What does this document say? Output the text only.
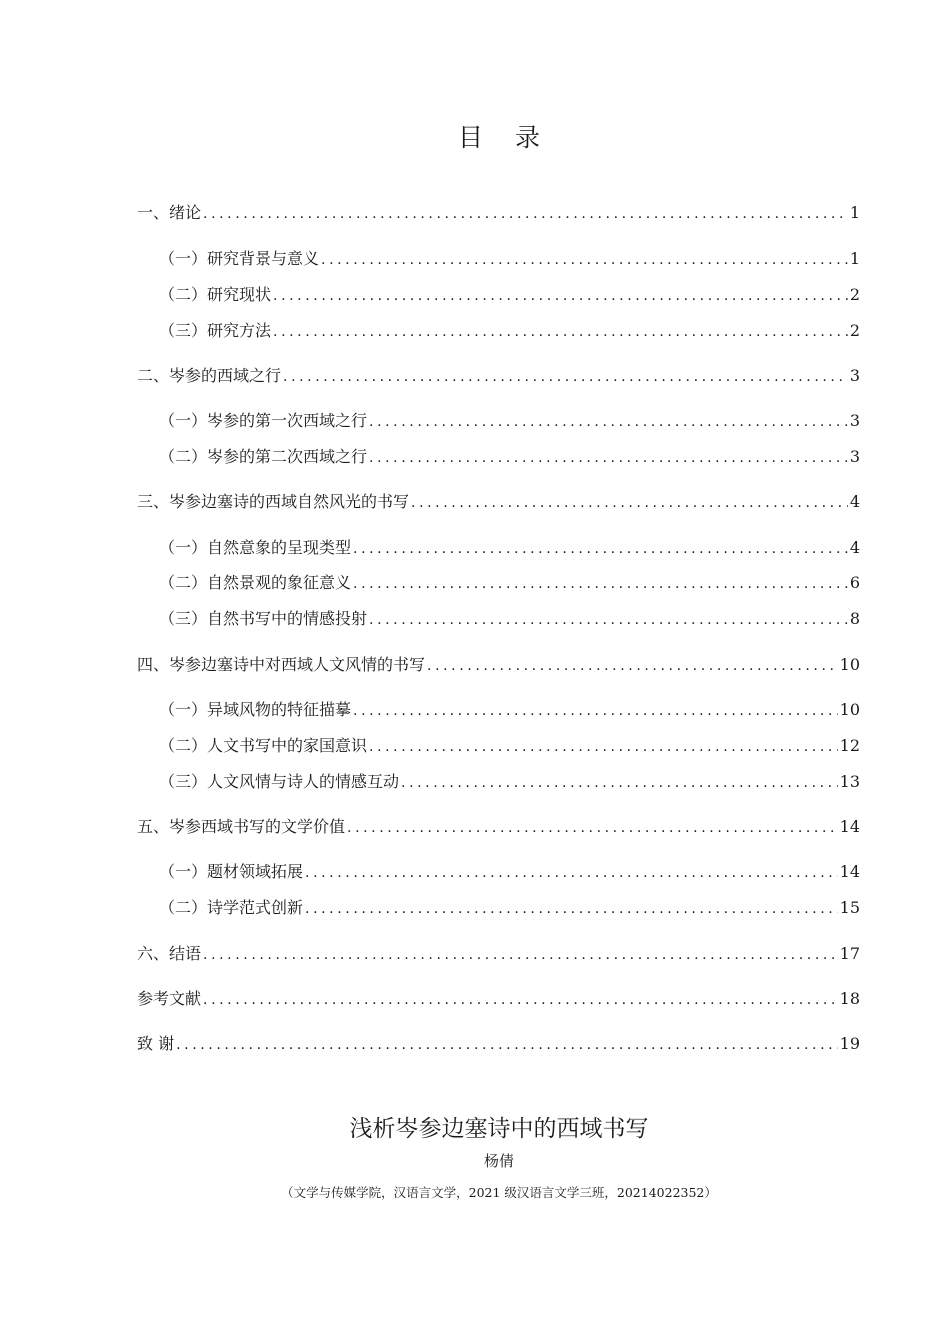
目 录
一、绪论 .....	1
（一）研究背景与意义 .....	1
（二）研究现状 .....	2
（三）研究方法 .....	2
二、岑参的西域之行 .....	3
（一）岑参的第一次西域之行 .....	3
（二）岑参的第二次西域之行 .....	3
三、岑参边塞诗的西域自然风光的书写 .....	4
（一）自然意象的呈现类型 .....	4
（二）自然景观的象征意义 .....	6
（三）自然书写中的情感投射 .....	8
四、岑参边塞诗中对西域人文风情的书写 .....	10
（一）异域风物的特征描摹 .....	10
（二）人文书写中的家国意识 .....	12
（三）人文风情与诗人的情感互动 .....	13
五、岑参西域书写的文学价值 .....	14
（一）题材领域拓展 .....	14
（二）诗学范式创新 .....	15
六、结语 .....	17
参考文献 .....	18
致 谢 .....	19
浅析岑参边塞诗中的西域书写
杨倩
（文学与传媒学院，汉语言文学，2021 级汉语言文学三班，20214022352）
